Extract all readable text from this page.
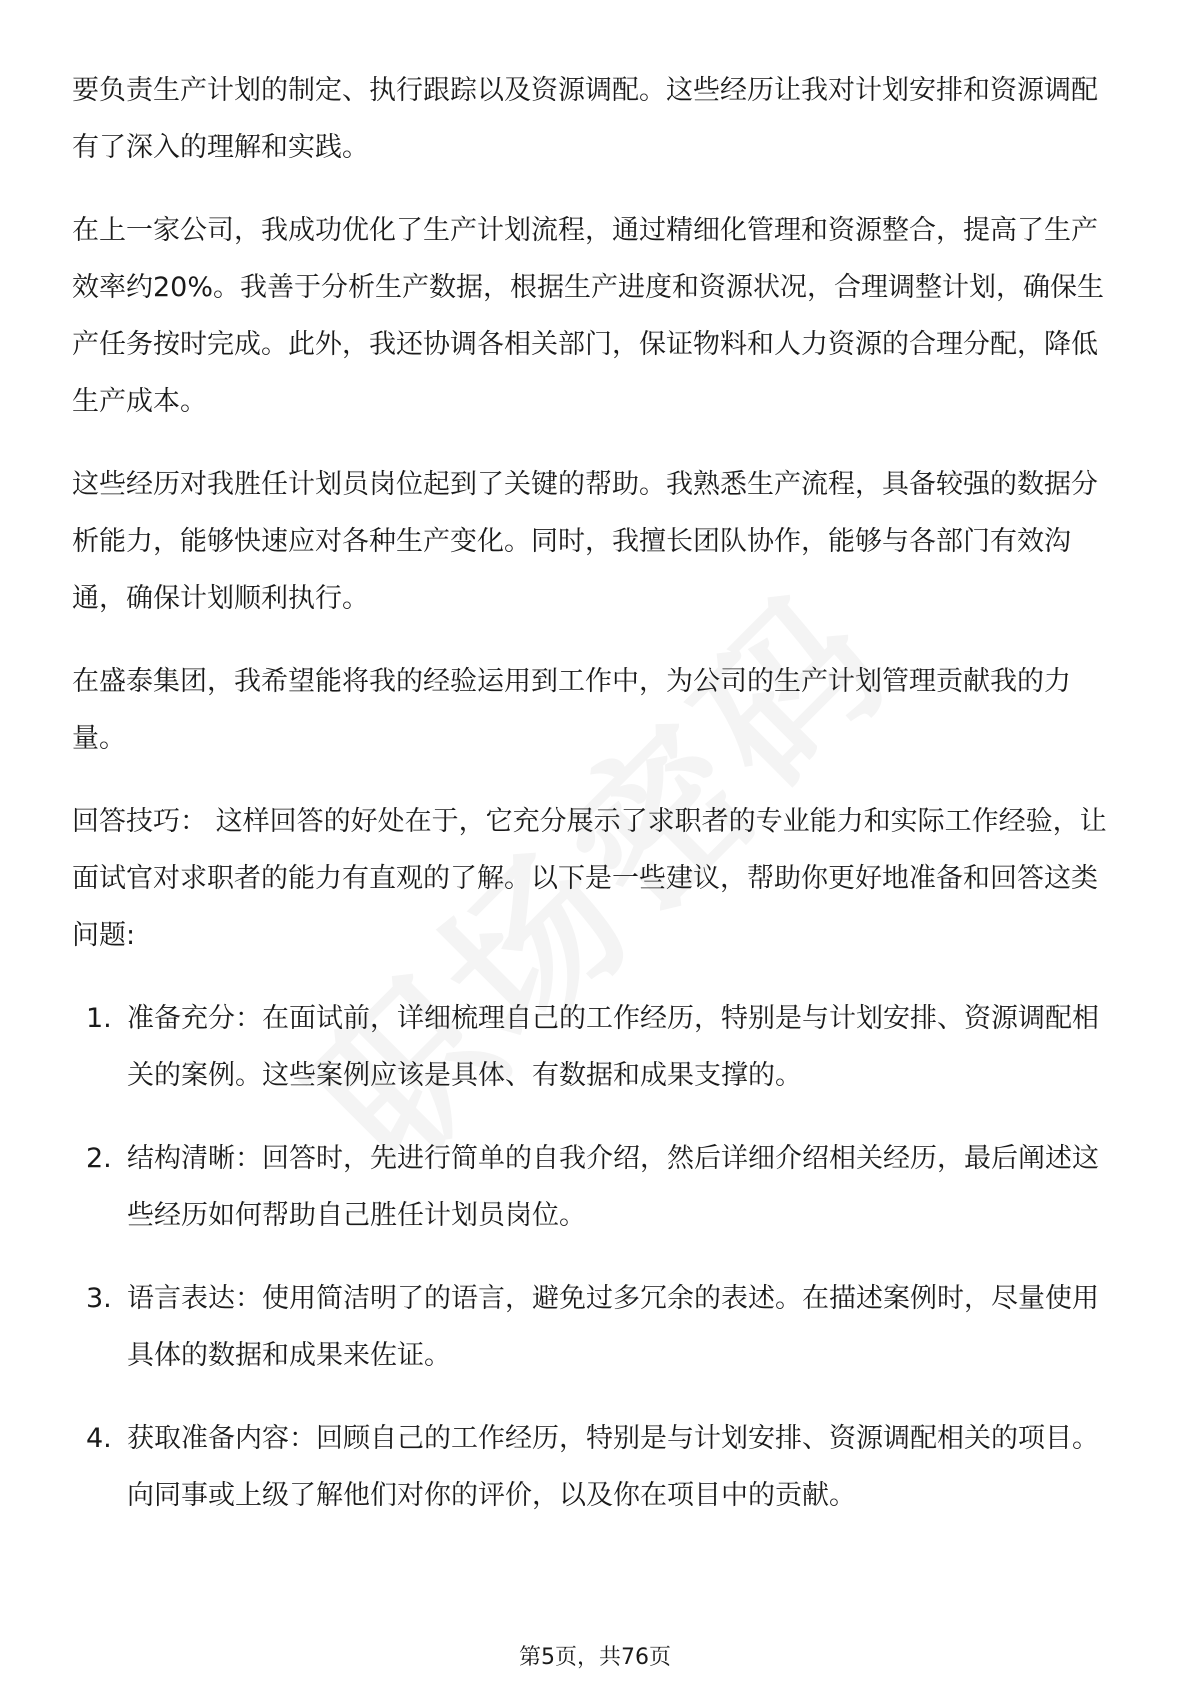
要负责生产计划的制定、执行跟踪以及资源调配。这些经历让我对计划安排和资源调配有了深入的理解和实践。

在上一家公司，我成功优化了生产计划流程，通过精细化管理和资源整合，提高了生产效率约20%。我善于分析生产数据，根据生产进度和资源状况，合理调整计划，确保生产任务按时完成。此外，我还协调各相关部门，保证物料和人力资源的合理分配，降低生产成本。

这些经历对我胜任计划员岗位起到了关键的帮助。我熟悉生产流程，具备较强的数据分析能力，能够快速应对各种生产变化。同时，我擅长团队协作，能够与各部门有效沟通，确保计划顺利执行。

在盛泰集团，我希望能将我的经验运用到工作中，为公司的生产计划管理贡献我的力量。

回答技巧： 这样回答的好处在于，它充分展示了求职者的专业能力和实际工作经验，让面试官对求职者的能力有直观的了解。以下是一些建议，帮助你更好地准备和回答这类问题:

1. 准备充分：在面试前，详细梳理自己的工作经历，特别是与计划安排、资源调配相关的案例。这些案例应该是具体、有数据和成果支撑的。
2. 结构清晰：回答时，先进行简单的自我介绍，然后详细介绍相关经历，最后阐述这些经历如何帮助自己胜任计划员岗位。
3. 语言表达：使用简洁明了的语言，避免过多冗余的表述。在描述案例时，尽量使用具体的数据和成果来佐证。
4. 获取准备内容：回顾自己的工作经历，特别是与计划安排、资源调配相关的项目。向同事或上级了解他们对你的评价，以及你在项目中的贡献。
第5页，共76页
